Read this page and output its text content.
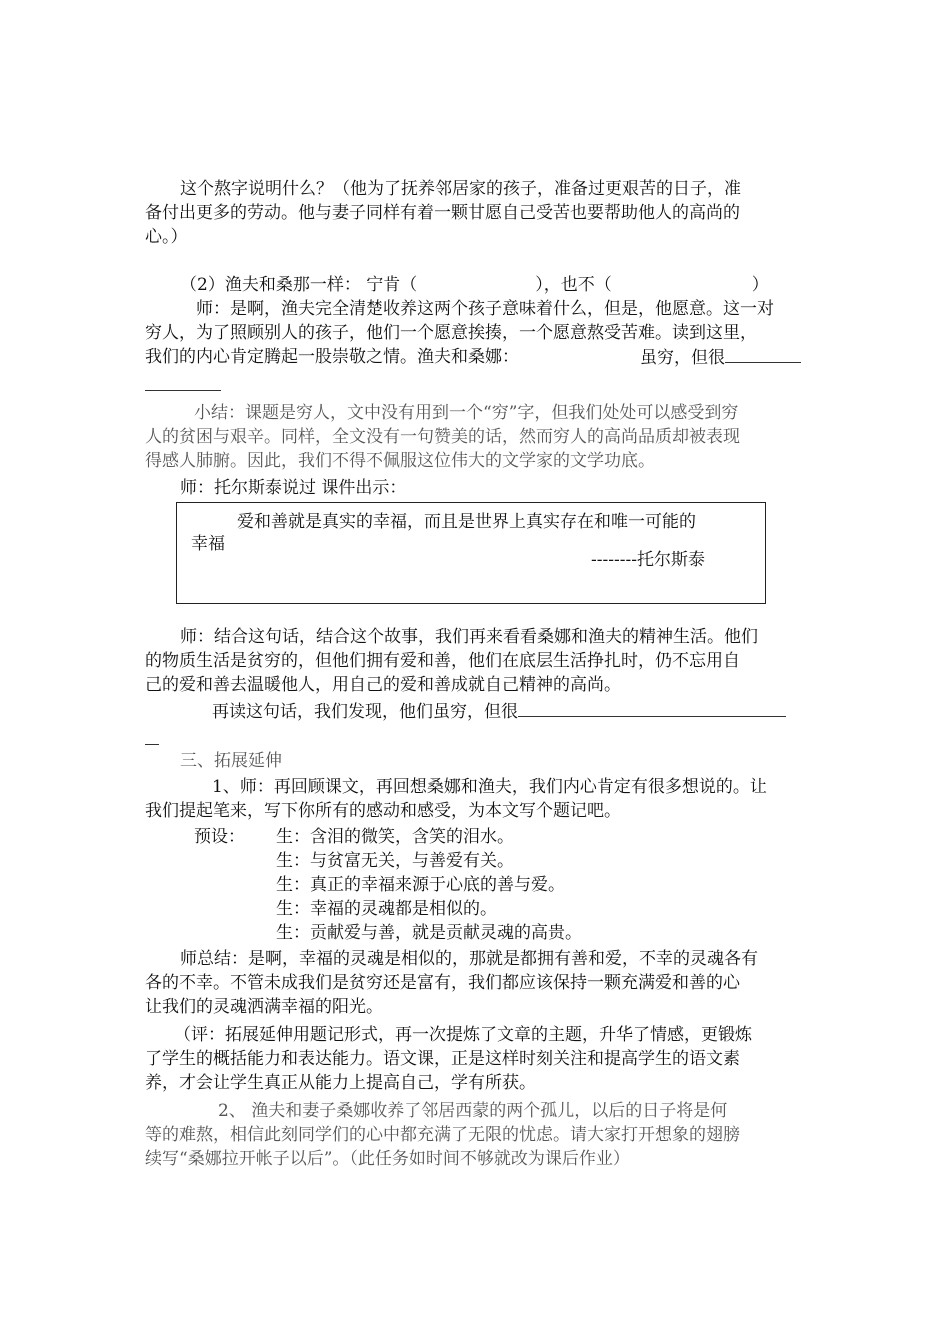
这个熬字说明什么？（他为了抚养邻居家的孩子，准备过更艰苦的日子，准
备付出更多的劳动。他与妻子同样有着一颗甘愿自己受苦也要帮助他人的高尚的
心。）
（2）渔夫和桑那一样： 宁肯（	），也不（	）
师：是啊，渔夫完全清楚收养这两个孩子意味着什么，但是，他愿意。这一对
穷人，为了照顾别人的孩子，他们一个愿意挨揍，一个愿意熬受苦难。读到这里，
我们的内心肯定腾起一股崇敬之情。渔夫和桑娜：	虽穷，但很
小结：课题是穷人，文中没有用到一个“穷”字，但我们处处可以感受到穷
人的贫困与艰辛。同样，全文没有一句赞美的话，然而穷人的高尚品质却被表现
得感人肺腑。因此，我们不得不佩服这位伟大的文学家的文学功底。
师：托尔斯泰说过 课件出示：
爱和善就是真实的幸福，而且是世界上真实存在和唯一可能的
幸福
--------托尔斯泰
师：结合这句话，结合这个故事，我们再来看看桑娜和渔夫的精神生活。他们
的物质生活是贫穷的，但他们拥有爱和善，他们在底层生活挣扎时，仍不忘用自
己的爱和善去温暖他人，用自己的爱和善成就自己精神的高尚。
再读这句话，我们发现，他们虽穷，但很
三、拓展延伸
1、师：再回顾课文，再回想桑娜和渔夫，我们内心肯定有很多想说的。让
我们提起笔来，写下你所有的感动和感受，为本文写个题记吧。
预设： 生：含泪的微笑，含笑的泪水。
生：与贫富无关，与善爱有关。
生：真正的幸福来源于心底的善与爱。
生：幸福的灵魂都是相似的。
生：贡献爱与善，就是贡献灵魂的高贵。
师总结：是啊，幸福的灵魂是相似的，那就是都拥有善和爱，不幸的灵魂各有
各的不幸。不管未成我们是贫穷还是富有，我们都应该保持一颗充满爱和善的心
让我们的灵魂洒满幸福的阳光。
（评：拓展延伸用题记形式，再一次提炼了文章的主题，升华了情感，更锻炼
了学生的概括能力和表达能力。语文课，正是这样时刻关注和提高学生的语文素
养，才会让学生真正从能力上提高自己，学有所获。
2、 渔夫和妻子桑娜收养了邻居西蒙的两个孤儿，以后的日子将是何
等的难熬，相信此刻同学们的心中都充满了无限的忧虑。请大家打开想象的翅膀
续写“桑娜拉开帐子以后”。（此任务如时间不够就改为课后作业）
